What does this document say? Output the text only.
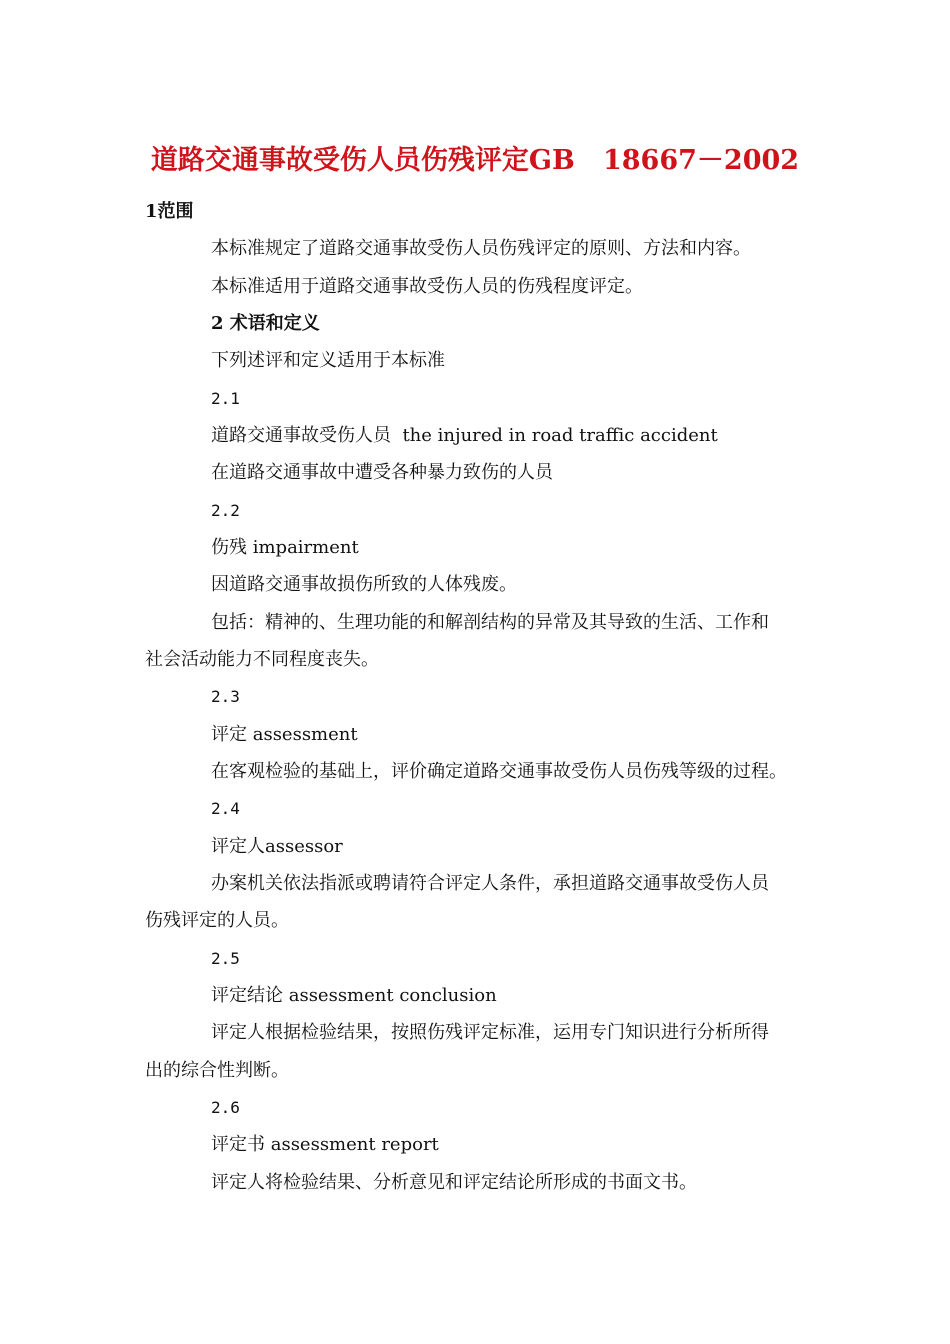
道路交通事故受伤人员伤残评定GB   18667－2002
1范围
本标准规定了道路交通事故受伤人员伤残评定的原则、方法和内容。
本标准适用于道路交通事故受伤人员的伤残程度评定。
2 术语和定义
下列述评和定义适用于本标准
2.1
道路交通事故受伤人员  the injured in road traffic accident
在道路交通事故中遭受各种暴力致伤的人员
2.2
伤残 impairment
因道路交通事故损伤所致的人体残废。
包括：精神的、生理功能的和解剖结构的异常及其导致的生活、工作和
社会活动能力不同程度丧失。
2.3
评定 assessment
在客观检验的基础上，评价确定道路交通事故受伤人员伤残等级的过程。
2.4
评定人assessor
办案机关依法指派或聘请符合评定人条件，承担道路交通事故受伤人员
伤残评定的人员。
2.5
评定结论 assessment conclusion
评定人根据检验结果，按照伤残评定标准，运用专门知识进行分析所得
出的综合性判断。
2.6
评定书 assessment report
评定人将检验结果、分析意见和评定结论所形成的书面文书。
